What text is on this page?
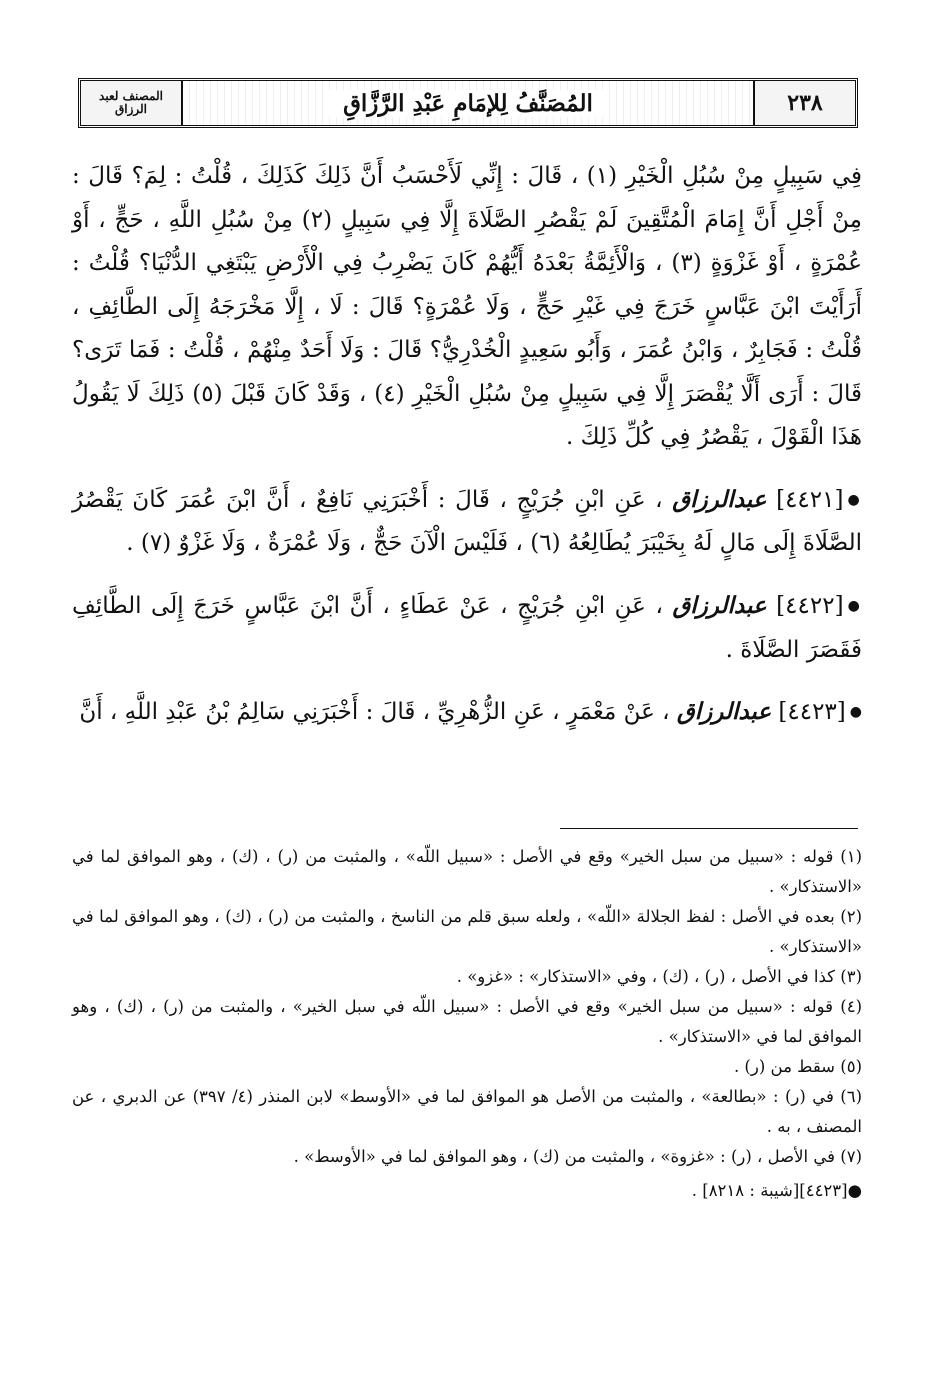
٢٣٨
المُصَنَّفُ لِلإمَامِ عَبْدِ الرَّزَّاقِ
المصنف لعبد الرزاق

فِي سَبِيلٍ مِنْ سُبُلِ الْخَيْرِ (١) ، قَالَ : إِنِّي لَأَحْسَبُ أَنَّ ذَلِكَ كَذَلِكَ ، قُلْتُ : لِمَ؟ قَالَ : مِنْ أَجْلِ أَنَّ إِمَامَ الْمُتَّقِينَ لَمْ يَقْصُرِ الصَّلَاةَ إِلَّا فِي سَبِيلٍ (٢) مِنْ سُبُلِ اللَّهِ ، حَجٍّ ، أَوْ عُمْرَةٍ ، أَوْ غَزْوَةٍ (٣) ، وَالْأَئِمَّةُ بَعْدَهُ أَيُّهُمْ كَانَ يَضْرِبُ فِي الْأَرْضِ يَبْتَغِي الدُّنْيَا؟ قُلْتُ : أَرَأَيْتَ ابْنَ عَبَّاسٍ خَرَجَ فِي غَيْرِ حَجٍّ ، وَلَا عُمْرَةٍ؟ قَالَ : لَا ، إِلَّا مَخْرَجَهُ إِلَى الطَّائِفِ ، قُلْتُ : فَجَابِرٌ ، وَابْنُ عُمَرَ ، وَأَبُو سَعِيدٍ الْخُدْرِيُّ؟ قَالَ : وَلَا أَحَدٌ مِنْهُمْ ، قُلْتُ : فَمَا تَرَى؟ قَالَ : أَرَى أَلَّا يُقْصَرَ إِلَّا فِي سَبِيلٍ مِنْ سُبُلِ الْخَيْرِ (٤) ، وَقَدْ كَانَ قَبْلَ (٥) ذَلِكَ لَا يَقُولُ هَذَا الْقَوْلَ ، يَقْصُرُ فِي كُلِّ ذَلِكَ .

●[٤٤٢١] عبدالرزاق ، عَنِ ابْنِ جُرَيْجٍ ، قَالَ : أَخْبَرَنِي نَافِعٌ ، أَنَّ ابْنَ عُمَرَ كَانَ يَقْصُرُ الصَّلَاةَ إِلَى مَالٍ لَهُ بِخَيْبَرَ يُطَالِعُهُ (٦) ، فَلَيْسَ الْآنَ حَجٌّ ، وَلَا عُمْرَةٌ ، وَلَا غَزْوٌ (٧) .

●[٤٤٢٢] عبدالرزاق ، عَنِ ابْنِ جُرَيْجٍ ، عَنْ عَطَاءٍ ، أَنَّ ابْنَ عَبَّاسٍ خَرَجَ إِلَى الطَّائِفِ فَقَصَرَ الصَّلَاةَ .

●[٤٤٢٣] عبدالرزاق ، عَنْ مَعْمَرٍ ، عَنِ الزُّهْرِيِّ ، قَالَ : أَخْبَرَنِي سَالِمُ بْنُ عَبْدِ اللَّهِ ، أَنَّ

(١) قوله : «سبيل من سبل الخير» وقع في الأصل : «سبيل اللّه» ، والمثبت من (ر) ، (ك) ، وهو الموافق لما في «الاستذكار» .
(٢) بعده في الأصل : لفظ الجلالة «اللّه» ، ولعله سبق قلم من الناسخ ، والمثبت من (ر) ، (ك) ، وهو الموافق لما في «الاستذكار» .
(٣) كذا في الأصل ، (ر) ، (ك) ، وفي «الاستذكار» : «غزو» .
(٤) قوله : «سبيل من سبل الخير» وقع في الأصل : «سبيل اللّه في سبل الخير» ، والمثبت من (ر) ، (ك) ، وهو الموافق لما في «الاستذكار» .
(٥) سقط من (ر) .
(٦) في (ر) : «بطالعة» ، والمثبت من الأصل هو الموافق لما في «الأوسط» لابن المنذر (٤/ ٣٩٧) عن الدبري ، عن المصنف ، به .
(٧) في الأصل ، (ر) : «غزوة» ، والمثبت من (ك) ، وهو الموافق لما في «الأوسط» .
●[٤٤٢٣][شيبة : ٨٢١٨] .
